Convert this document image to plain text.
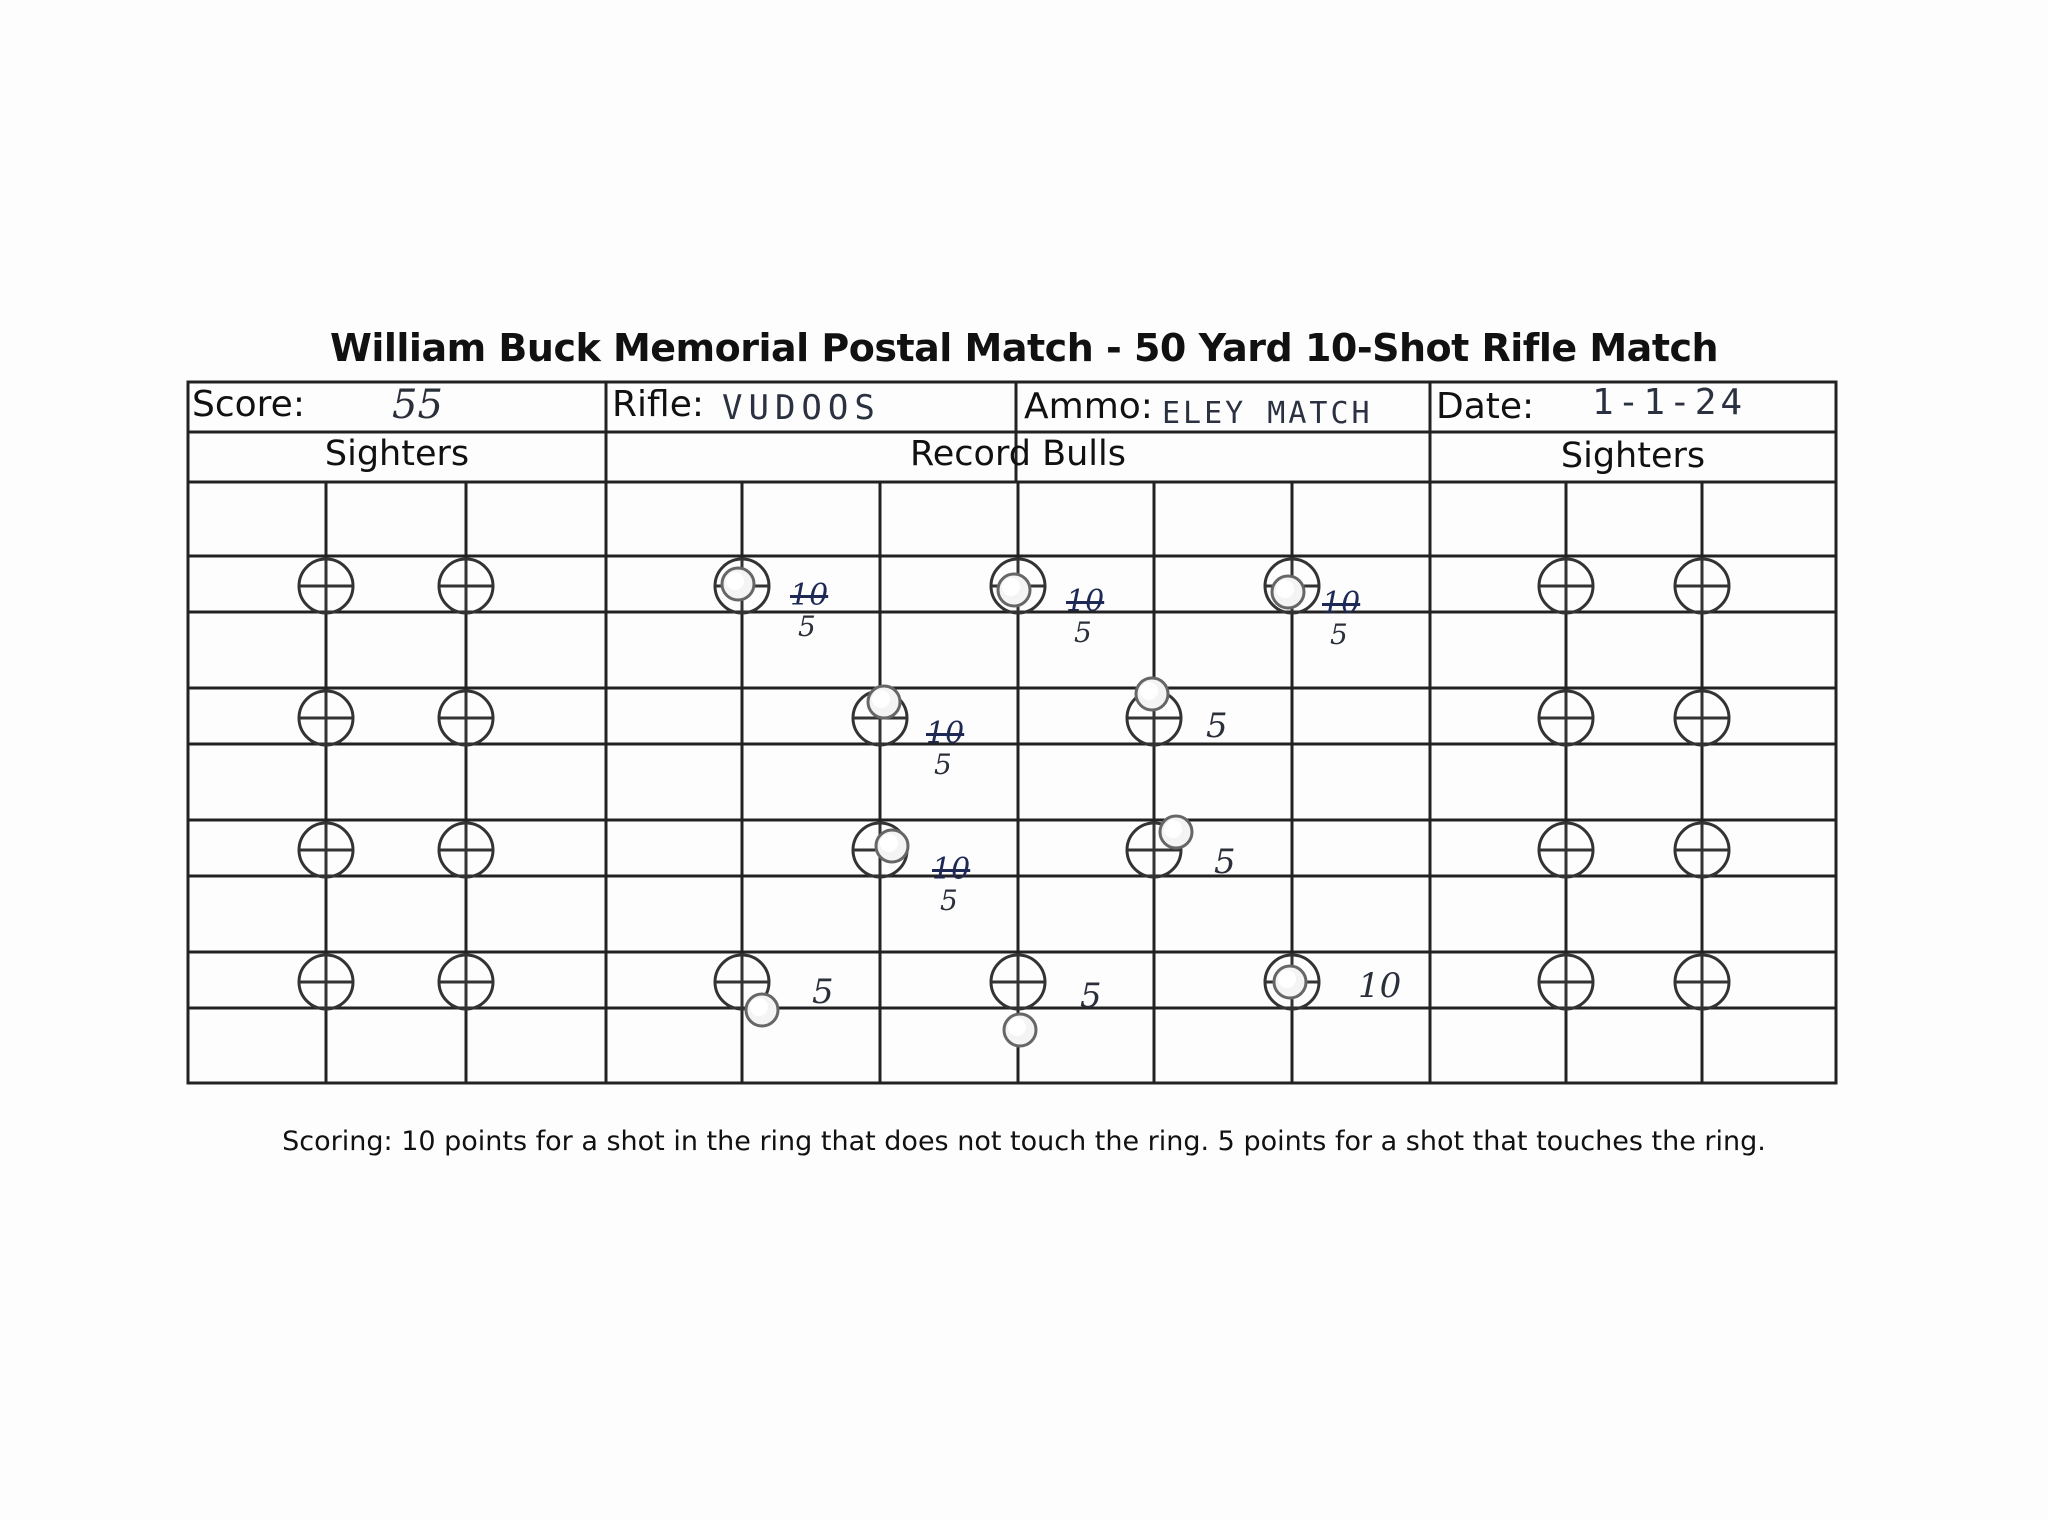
William Buck Memorial Postal Match - 50 Yard 10-Shot Rifle Match
Score: 55	Rifle: VUDOOS	Ammo: ELEY MATCH Date: 1-1-24
Sighters	Record Bulls	Sighters
10
5
10
5
10
5
10
5
5
10
5
5
5	5	10
Scoring: 10 points for a shot in the ring that does not touch the ring. 5 points for a shot that touches the ring.
